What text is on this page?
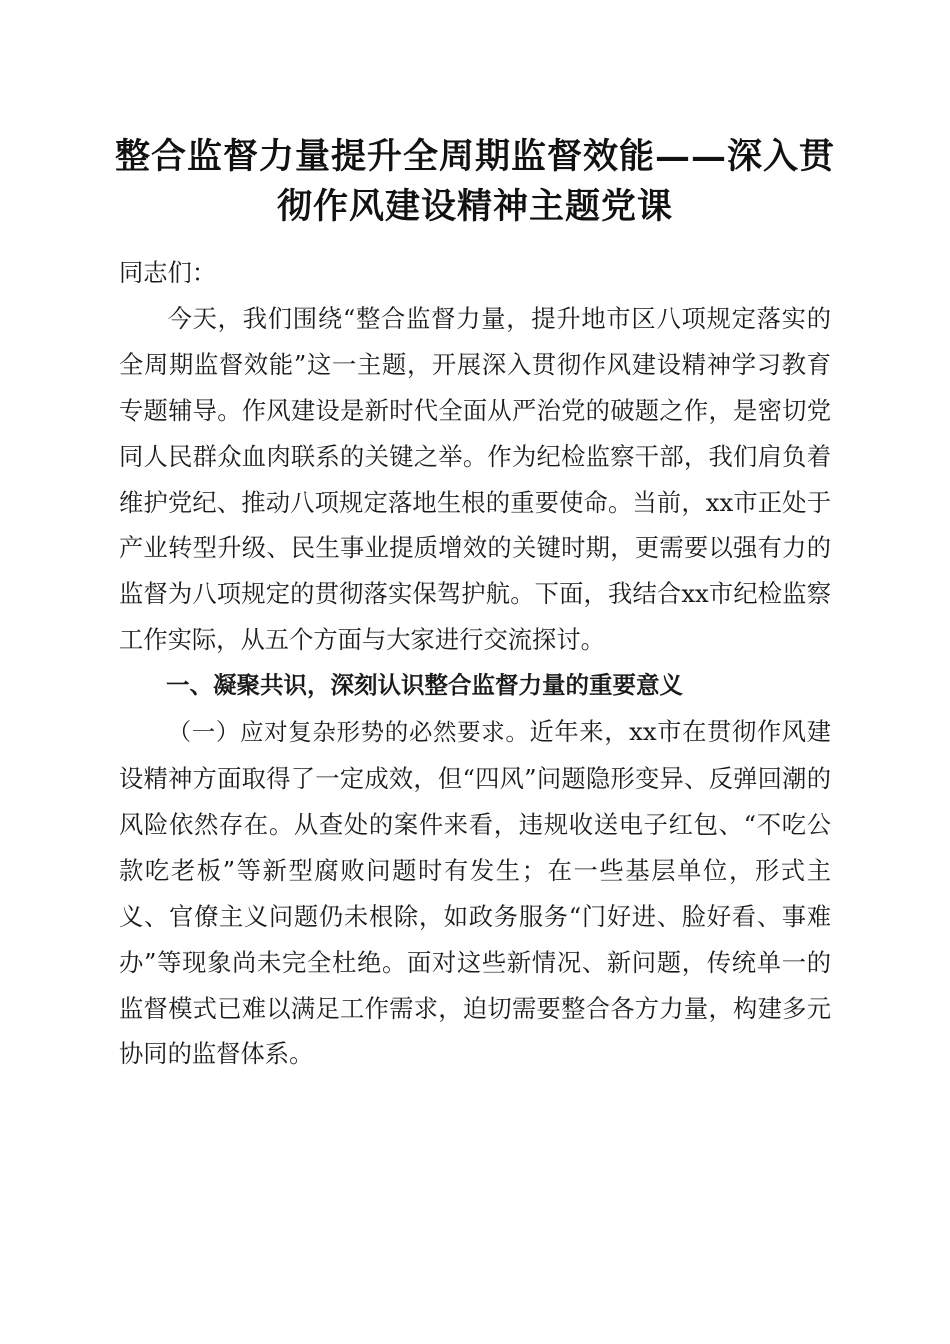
整合监督力量提升全周期监督效能——深入贯彻作风建设精神主题党课

同志们：

今天，我们围绕“整合监督力量，提升地市区八项规定落实的全周期监督效能”这一主题，开展深入贯彻作风建设精神学习教育专题辅导。作风建设是新时代全面从严治党的破题之作，是密切党同人民群众血肉联系的关键之举。作为纪检监察干部，我们肩负着维护党纪、推动八项规定落地生根的重要使命。当前，xx市正处于产业转型升级、民生事业提质增效的关键时期，更需要以强有力的监督为八项规定的贯彻落实保驾护航。下面，我结合xx市纪检监察工作实际，从五个方面与大家进行交流探讨。

一、凝聚共识，深刻认识整合监督力量的重要意义

（一）应对复杂形势的必然要求。近年来，xx市在贯彻作风建设精神方面取得了一定成效，但“四风”问题隐形变异、反弹回潮的风险依然存在。从查处的案件来看，违规收送电子红包、“不吃公款吃老板”等新型腐败问题时有发生；在一些基层单位，形式主义、官僚主义问题仍未根除，如政务服务“门好进、脸好看、事难办”等现象尚未完全杜绝。面对这些新情况、新问题，传统单一的监督模式已难以满足工作需求，迫切需要整合各方力量，构建多元协同的监督体系。
